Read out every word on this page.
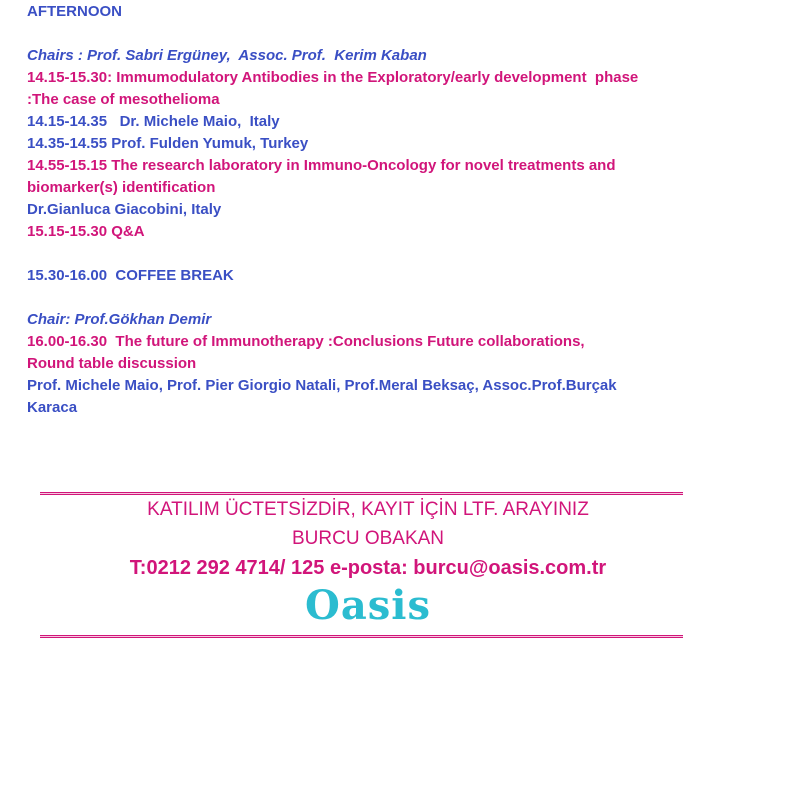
AFTERNOON
Chairs : Prof. Sabri Ergüney,  Assoc. Prof.  Kerim Kaban
14.15-15.30: Immumodulatory Antibodies in the Exploratory/early development  phase
:The case of mesothelioma
14.15-14.35   Dr. Michele Maio,  Italy
14.35-14.55 Prof. Fulden Yumuk, Turkey
14.55-15.15 The research laboratory in Immuno-Oncology for novel treatments and
biomarker(s) identification
Dr.Gianluca Giacobini, Italy
15.15-15.30 Q&A
15.30-16.00  COFFEE BREAK
Chair: Prof.Gökhan Demir
16.00-16.30  The future of Immunotherapy :Conclusions Future collaborations,
Round table discussion
Prof. Michele Maio, Prof. Pier Giorgio Natali, Prof.Meral Beksaç, Assoc.Prof.Burçak
Karaca
KATILIM ÜCTETSİZDİR, KAYIT İÇİN LTF. ARAYINIZ
BURCU OBAKAN
T:0212 292 4714/ 125 e-posta: burcu@oasis.com.tr
Oasis
